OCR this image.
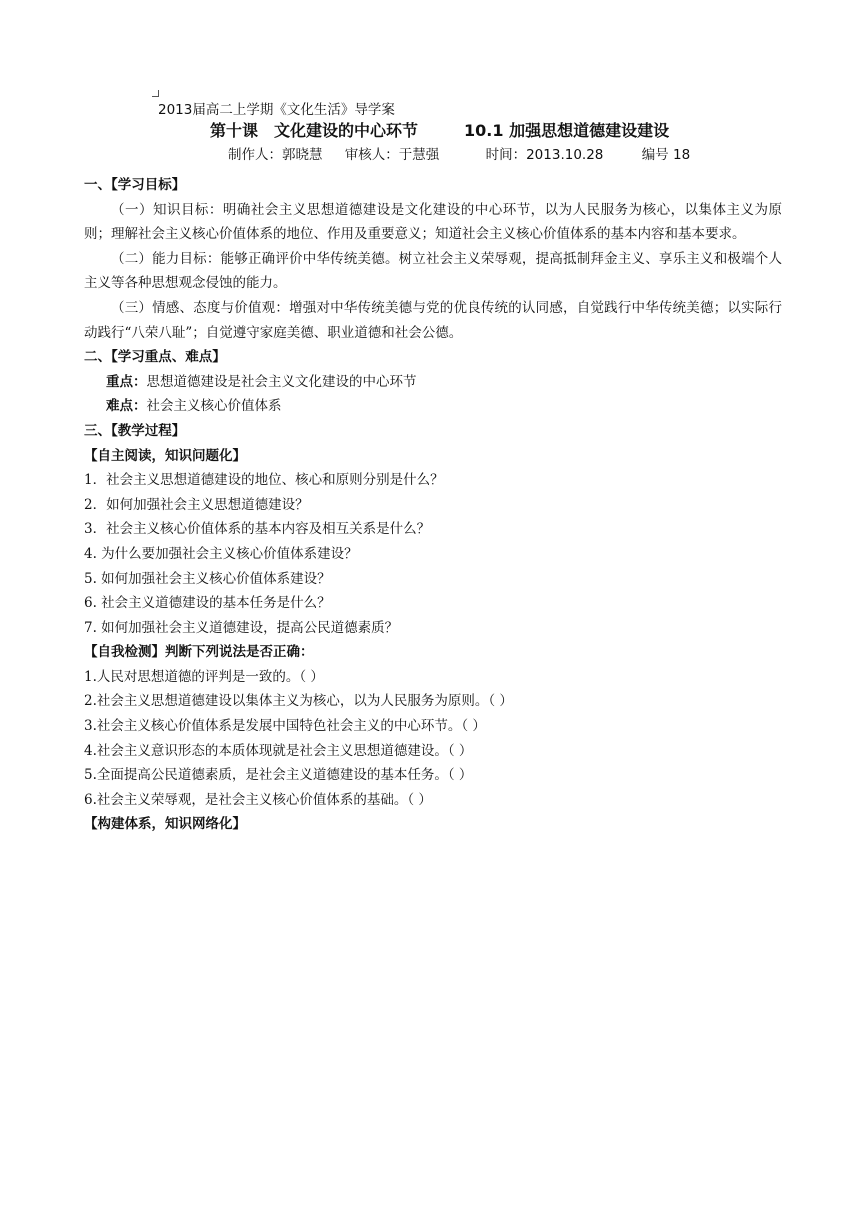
2013届高二上学期《文化生活》导学案
第十课　文化建设的中心环节	10.1 加强思想道德建设建设
制作人：郭晓慧 审核人：于慧强	时间：2013.10.28	编号 18

一、【学习目标】

（一）知识目标：明确社会主义思想道德建设是文化建设的中心环节，以为人民服务为核心，以集体主义为原则；理解社会主义核心价值体系的地位、作用及重要意义；知道社会主义核心价值体系的基本内容和基本要求。

（二）能力目标：能够正确评价中华传统美德。树立社会主义荣辱观，提高抵制拜金主义、享乐主义和极端个人主义等各种思想观念侵蚀的能力。

（三）情感、态度与价值观：增强对中华传统美德与党的优良传统的认同感，自觉践行中华传统美德；以实际行动践行“八荣八耻”；自觉遵守家庭美德、职业道德和社会公德。

二、【学习重点、难点】

重点：思想道德建设是社会主义文化建设的中心环节

难点：社会主义核心价值体系

三、【教学过程】

【自主阅读，知识问题化】

1．社会主义思想道德建设的地位、核心和原则分别是什么？

2．如何加强社会主义思想道德建设？

3．社会主义核心价值体系的基本内容及相互关系是什么？

4. 为什么要加强社会主义核心价值体系建设？

5. 如何加强社会主义核心价值体系建设？

6. 社会主义道德建设的基本任务是什么？

7. 如何加强社会主义道德建设，提高公民道德素质？

【自我检测】判断下列说法是否正确：

1.人民对思想道德的评判是一致的。（ ）

2.社会主义思想道德建设以集体主义为核心，以为人民服务为原则。（ ）

3.社会主义核心价值体系是发展中国特色社会主义的中心环节。（ ）

4.社会主义意识形态的本质体现就是社会主义思想道德建设。（ ）

5.全面提高公民道德素质，是社会主义道德建设的基本任务。（ ）

6.社会主义荣辱观，是社会主义核心价值体系的基础。（ ）

【构建体系，知识网络化】
